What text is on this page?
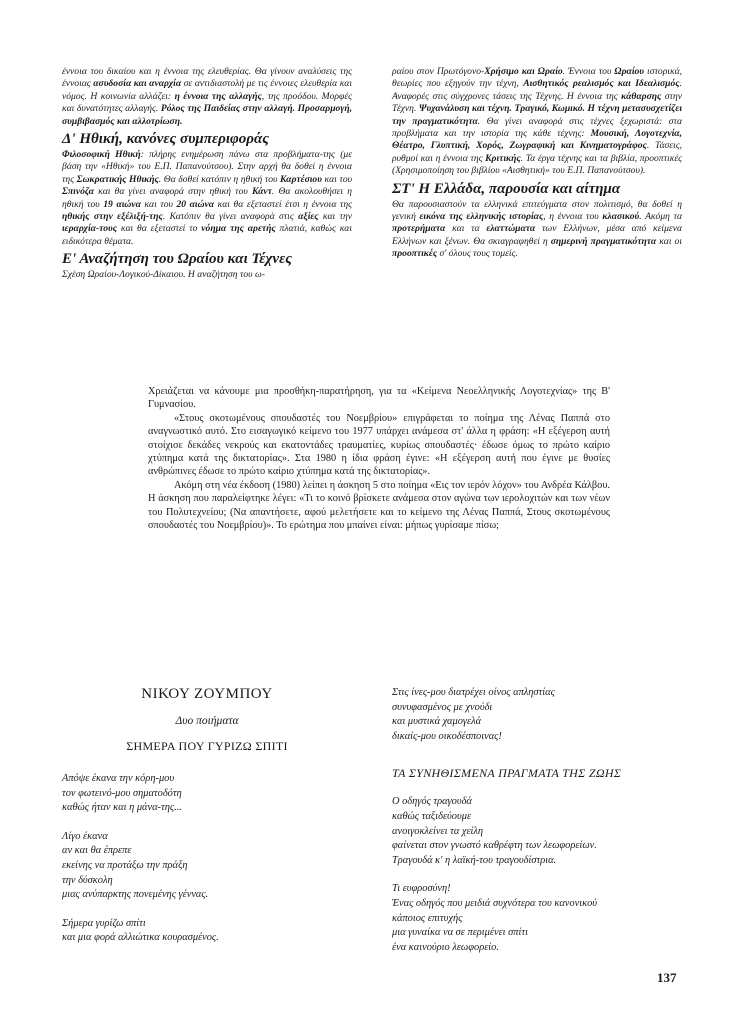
έννοια του δικαίου και η έννοια της ελευθερίας. Θα γίνουν αναλύσεις της έννοιας ασυδοσία και αναρχία σε αντιδιαστολή με τις έννοιες ελευθερία και νόμος. Η κοινωνία αλλάζει: η έννοια της αλλαγής, της προόδου. Μορφές και δυνατότητες αλλαγής. Ρόλος της Παιδείας στην αλλαγή. Προσαρμογή, συμβιβασμός και αλλοτρίωση.

Δ' Ηθική, κανόνες συμπεριφοράς

Φιλοσοφική Ηθική: πλήρης ενημέρωση πάνω στα προβλήματα-της (με βάση την «Ηθική» του Ε.Π. Παπανούτσου). Στην αρχή θα δοθεί η έννοια της Σωκρατικής Ηθικής. Θα δοθεί κατόπιν η ηθική του Καρτέσιου και του Σπινόζα και θα γίνει αναφορά στην ηθική του Κάντ. Θα ακολουθήσει η ηθική του 19 αιώνα και του 20 αιώνα και θα εξεταστεί έτσι η έννοια της ηθικής στην εξέλιξή-της. Κατόπιν θα γίνει αναφορά στις αξίες και την ιεραρχία-τους και θα εξεταστεί το νόημα της αρετής πλατιά, καθώς και ειδικότερα θέματα.

Ε' Αναζήτηση του Ωραίου και Τέχνες

Σχέση Ωραίου-Λογικού-Δίκαιου. Η αναζήτηση του ω-

ραίου στον Πρωτόγονο-Χρήσιμο και Ωραίο. Έννοια του Ωραίου ιστορικά, θεωρίες που εξηγούν την τέχνη, Αισθητικός ρεαλισμός και Ιδεαλισμός. Αναφορές στις σύγχρονες τάσεις της Τέχνης. Η έννοια της κάθαρσης στην Τέχνη. Ψυχανάλυση και τέχνη. Τραγικό, Κωμικό. Η τέχνη μετασυσχετίζει την πραγματικότητα. Θα γίνει αναφορά στις τέχνες ξεχωριστά: στα προβλήματα και την ιστορία της κάθε τέχνης: Μουσική, Λογοτεχνία, Θέατρο, Γλυπτική, Χορός, Ζωγραφική και Κινηματογράφος. Τάσεις, ρυθμοί και η έννοια της Κριτικής. Τα έργα τέχνης και τα βιβλία, προοπτικές (Χρησιμοποίηση του βιβλίου «Αισθητική» του Ε.Π. Παπανούτσου).

ΣΤ' Η Ελλάδα, παρουσία και αίτημα

Θα παρουσιαστούν τα ελληνικά επιτεύγματα στον πολιτισμό, θα δοθεί η γενική εικόνα της ελληνικής ιστορίας, η έννοια του κλασικού. Ακόμη τα προτερήματα και τα ελαττώματα των Ελλήνων, μέσα από κείμενα Ελλήνων και ξένων. Θα σκιαγραφηθεί η σημερινή πραγματικότητα και οι προοπτικές σ' όλους τους τομείς.

Χρειάζεται να κάνουμε μια προσθήκη-παρατήρηση, για τα «Κείμενα Νεοελληνικής Λογοτεχνίας» της Β' Γυμνασίου.

«Στους σκοτωμένους σπουδαστές του Νοεμβρίου» επιγράφεται το ποίημα της Λένας Παππά στο αναγνωστικό αυτό. Στο εισαγωγικό κείμενο του 1977 υπάρχει ανάμεσα στ' άλλα η φράση: «Η εξέγερση αυτή στοίχισε δεκάδες νεκρούς και εκατοντάδες τραυματίες, κυρίως σπουδαστές· έδωσε όμως το πρώτο καίριο χτύπημα κατά της δικτατορίας». Στα 1980 η ίδια φράση έγινε: «Η εξέγερση αυτή που έγινε με θυσίες ανθρώπινες έδωσε το πρώτο καίριο χτύπημα κατά της δικτατορίας».

Ακόμη στη νέα έκδοση (1980) λείπει η άσκηση 5 στο ποίημα «Εις τον ιερόν λόχον» του Ανδρέα Κάλβου. Η άσκηση που παραλείφτηκε λέγει: «Τι το κοινό βρίσκετε ανάμεσα στον αγώνα των ιερολοχιτών και των νέων του Πολυτεχνείου; (Να απαντήσετε, αφού μελετήσετε και το κείμενο της Λένας Παππά, Στους σκοτωμένους σπουδαστές του Νοεμβρίου)». Το ερώτημα που μπαίνει είναι: μήπως γυρίσαμε πίσω;

ΝΙΚΟΥ ΖΟΥΜΠΟΥ
Δυο ποιήματα
ΣΗΜΕΡΑ ΠΟΥ ΓΥΡΙΖΩ ΣΠΙΤΙ
Απόψε έκανα την κόρη-μου
τον φωτεινό-μου σηματοδότη
καθώς ήταν και η μάνα-της...
Λίγο έκανα
αν και θα έπρεπε
εκείνης να προτάξω την πράξη
την δύσκολη
μιας ανύπαρκτης πονεμένης γέννας.
Σήμερα γυρίζω σπίτι
και μια φορά αλλιώτικα κουρασμένος.
Στις ίνες-μου διατρέχει οίνος απληστίας
συνυφασμένος με χνούδι
και μυστικά χαμογελά
δικαίς-μου οικοδέσποινας!
ΤΑ ΣΥΝΗΘΙΣΜΕΝΑ ΠΡΑΓΜΑΤΑ ΤΗΣ ΖΩΗΣ
Ο οδηγός τραγουδά
καθώς ταξιδεύουμε
ανοιγοκλείνει τα χείλη
φαίνεται στον γνωστό καθρέφτη των λεωφορείων.
Τραγουδά κ' η λαϊκή-του τραγουδίστρια.
Τι ευφροσύνη!
Ένας οδηγός που μειδιά συχνότερα του κανονικού
κάποιος επιτυχής
μια γυναίκα να σε περιμένει σπίτι
ένα καινούριο λεωφορείο.
137
